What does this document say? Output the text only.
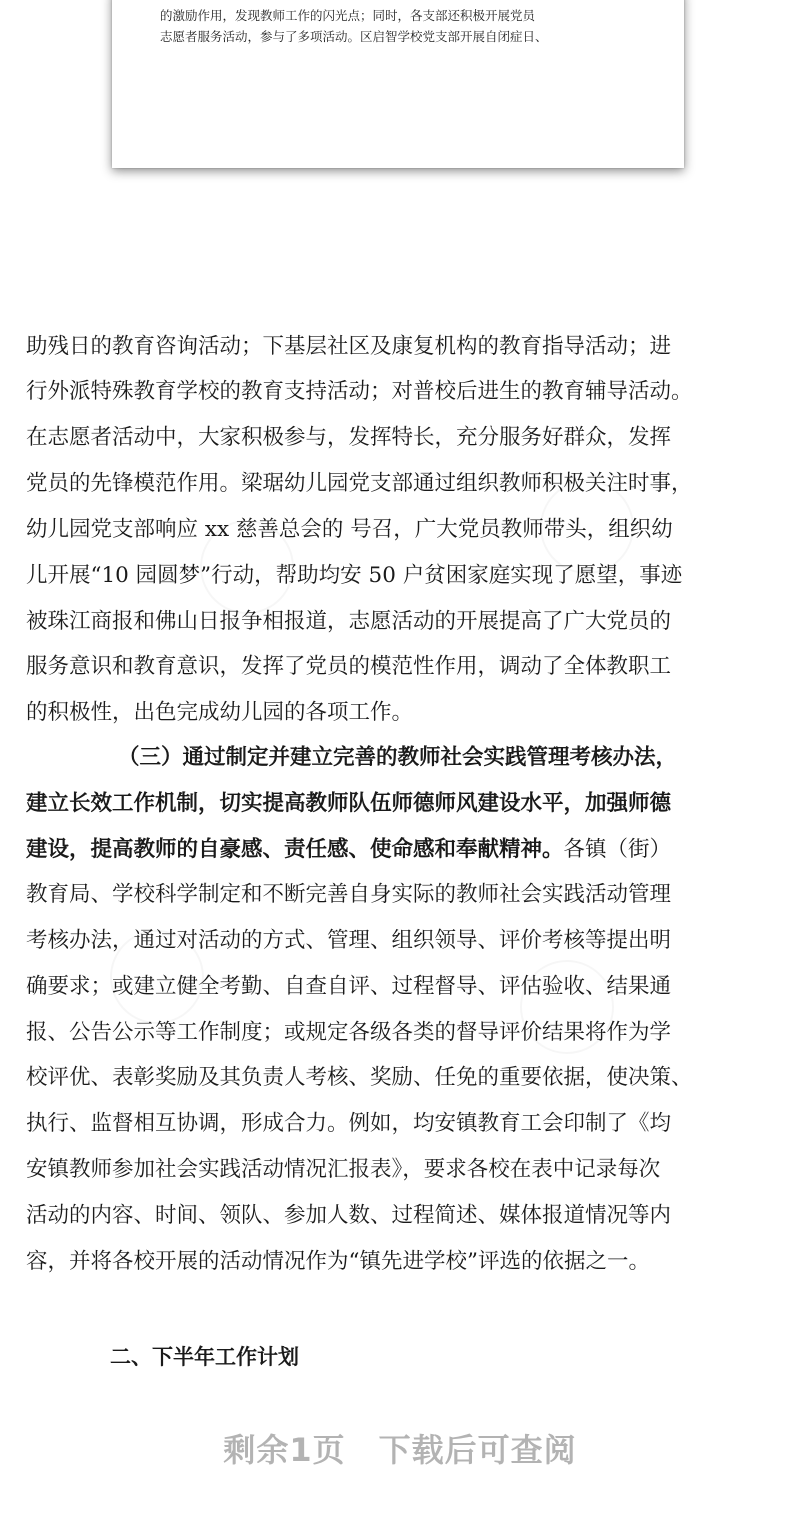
的激励作用，发现教师工作的闪光点；同时，各支部还积极开展党员
志愿者服务活动，参与了多项活动。区启智学校党支部开展自闭症日、
助残日的教育咨询活动；下基层社区及康复机构的教育指导活动；进
行外派特殊教育学校的教育支持活动；对普校后进生的教育辅导活动。
在志愿者活动中，大家积极参与，发挥特长，充分服务好群众，发挥
党员的先锋模范作用。梁琚幼儿园党支部通过组织教师积极关注时事，
幼儿园党支部响应 xx 慈善总会的 号召，广大党员教师带头，组织幼
儿开展“10 园圆梦”行动，帮助均安 50 户贫困家庭实现了愿望，事迹
被珠江商报和佛山日报争相报道，志愿活动的开展提高了广大党员的
服务意识和教育意识，发挥了党员的模范性作用，调动了全体教职工
的积极性，出色完成幼儿园的各项工作。
（三）通过制定并建立完善的教师社会实践管理考核办法，
建立长效工作机制，切实提高教师队伍师德师风建设水平，加强师德
建设，提高教师的自豪感、责任感、使命感和奉献精神。各镇（街）
教育局、学校科学制定和不断完善自身实际的教师社会实践活动管理
考核办法，通过对活动的方式、管理、组织领导、评价考核等提出明
确要求；或建立健全考勤、自查自评、过程督导、评估验收、结果通
报、公告公示等工作制度；或规定各级各类的督导评价结果将作为学
校评优、表彰奖励及其负责人考核、奖励、任免的重要依据，使决策、
执行、监督相互协调，形成合力。例如，均安镇教育工会印制了《均
安镇教师参加社会实践活动情况汇报表》，要求各校在表中记录每次
活动的内容、时间、领队、参加人数、过程简述、媒体报道情况等内
容，并将各校开展的活动情况作为“镇先进学校”评选的依据之一。
二、下半年工作计划
剩余1页　下载后可查阅
